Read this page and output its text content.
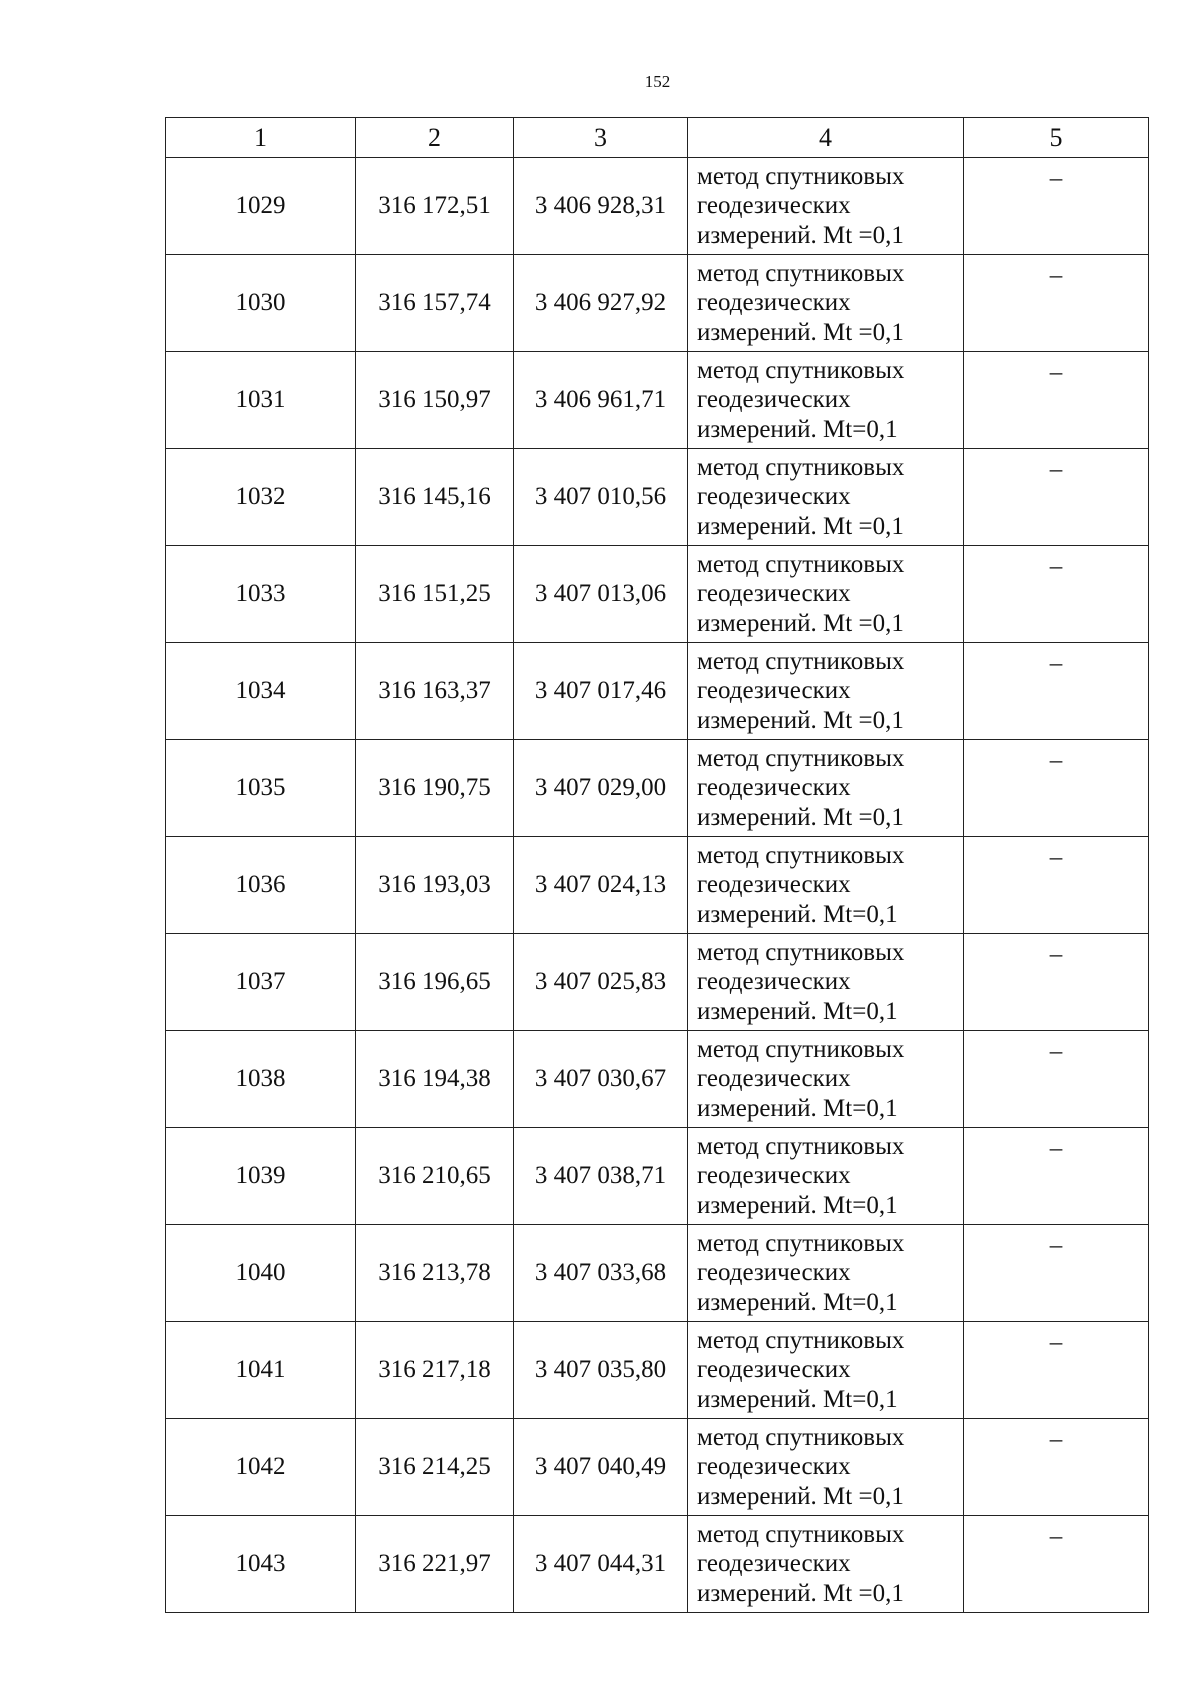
152
1	2	3	4	5
1029	316 172,51	3 406 928,31	метод спутниковых
геодезических
измерений. Mt =0,1	–
1030	316 157,74	3 406 927,92	метод спутниковых
геодезических
измерений. Mt =0,1	–
1031	316 150,97	3 406 961,71	метод спутниковых
геодезических
измерений. Mt=0,1	–
1032	316 145,16	3 407 010,56	метод спутниковых
геодезических
измерений. Mt =0,1	–
1033	316 151,25	3 407 013,06	метод спутниковых
геодезических
измерений. Mt =0,1	–
1034	316 163,37	3 407 017,46	метод спутниковых
геодезических
измерений. Mt =0,1	–
1035	316 190,75	3 407 029,00	метод спутниковых
геодезических
измерений. Mt =0,1	–
1036	316 193,03	3 407 024,13	метод спутниковых
геодезических
измерений. Mt=0,1	–
1037	316 196,65	3 407 025,83	метод спутниковых
геодезических
измерений. Mt=0,1	–
1038	316 194,38	3 407 030,67	метод спутниковых
геодезических
измерений. Mt=0,1	–
1039	316 210,65	3 407 038,71	метод спутниковых
геодезических
измерений. Mt=0,1	–
1040	316 213,78	3 407 033,68	метод спутниковых
геодезических
измерений. Mt=0,1	–
1041	316 217,18	3 407 035,80	метод спутниковых
геодезических
измерений. Mt=0,1	–
1042	316 214,25	3 407 040,49	метод спутниковых
геодезических
измерений. Mt =0,1	–
1043	316 221,97	3 407 044,31	метод спутниковых
геодезических
измерений. Mt =0,1	–
